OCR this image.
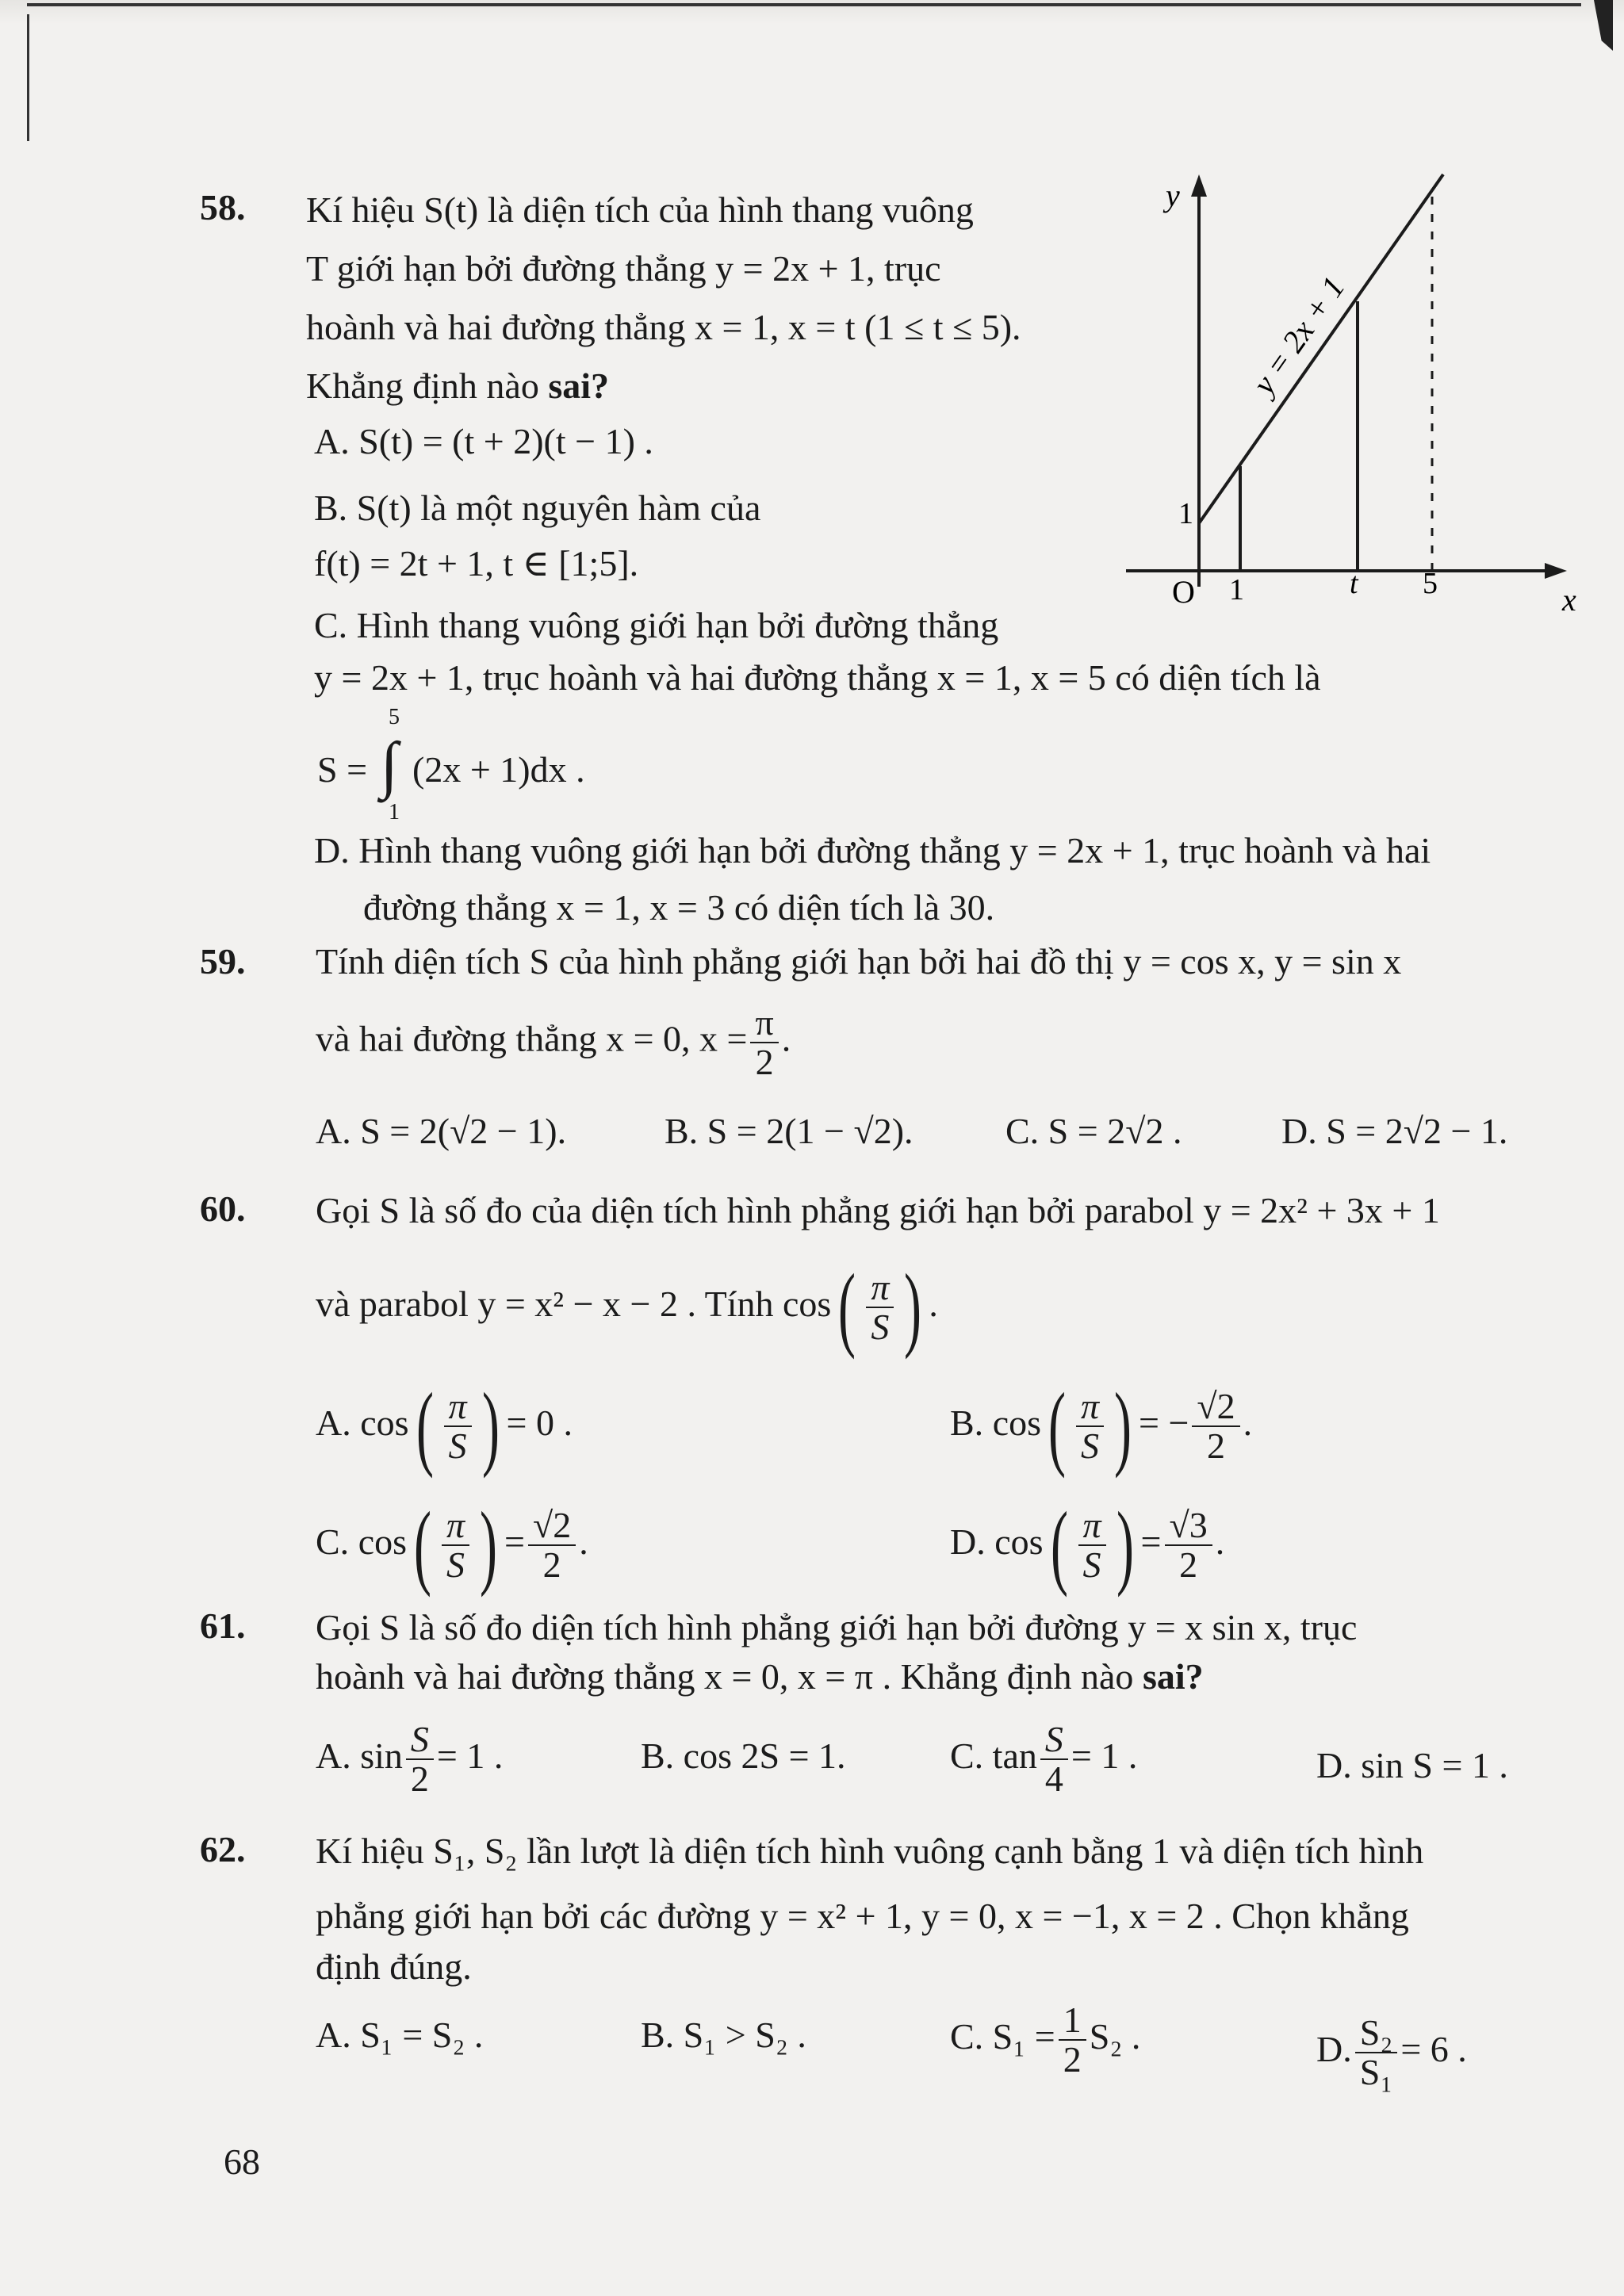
58. Kí hiệu S(t) là diện tích của hình thang vuông
T giới hạn bởi đường thẳng y = 2x + 1, trục
hoành và hai đường thẳng x = 1, x = t (1 ≤ t ≤ 5).
Khẳng định nào sai?
A. S(t) = (t + 2)(t − 1) .
B. S(t) là một nguyên hàm của
f(t) = 2t + 1, t ∈ [1;5].
C. Hình thang vuông giới hạn bởi đường thẳng
y = 2x + 1, trục hoành và hai đường thẳng x = 1, x = 5 có diện tích là
S =
5
∫
1
(2x + 1)dx .
D. Hình thang vuông giới hạn bởi đường thẳng y = 2x + 1, trục hoành và hai
đường thẳng x = 1, x = 3 có diện tích là 30.
y
x
O 1	t 5
1
y = 2x + 1
59. Tính diện tích S của hình phẳng giới hạn bởi hai đồ thị y = cos x, y = sin x
và hai đường thẳng x = 0, $x = \frac{\pi}{2}$ .
A. S = 2(√2 − 1).	B. S = 2(1 − √2).	C. S = 2√2 .	D. S = 2√2 − 1.
60. Gọi S là số đo của diện tích hình phẳng giới hạn bởi parabol y = 2x² + 3x + 1
và parabol y = x² − x − 2 . Tính $\cos( \frac{\pi}{S}$ ) .
A. $\cos( \frac{\pi}{S}$ ) = 0 .	B. $\cos( \frac{\pi}{S}$ ) = − $\frac{√2}{2}$ .
C. $\cos( \frac{\pi}{S}$ ) = $\frac{√2}{2}$ .	D. $\cos( \frac{\pi}{S}$ ) = $\frac{√3}{2}$ .
61. Gọi S là số đo diện tích hình phẳng giới hạn bởi đường y = x sin x, trục
hoành và hai đường thẳng x = 0, x = π . Khẳng định nào sai?
A. $\sin \frac{S}{2} = 1$ .	B. cos 2S = 1.	C. $\tan \frac{S}{4} = 1$ .	D. sin S = 1 .
62. Kí hiệu S₁, S₂ lần lượt là diện tích hình vuông cạnh bằng 1 và diện tích hình
phẳng giới hạn bởi các đường y = x² + 1, y = 0, x = −1, x = 2 . Chọn khẳng
định đúng.
A. S₁ = S₂ .	B. S₁ > S₂ .	C. $S_1 = \frac{1}{2} S_2$ .	D. $\frac{\text{S₂}}{\text{S₁}} = 6$ .
68
